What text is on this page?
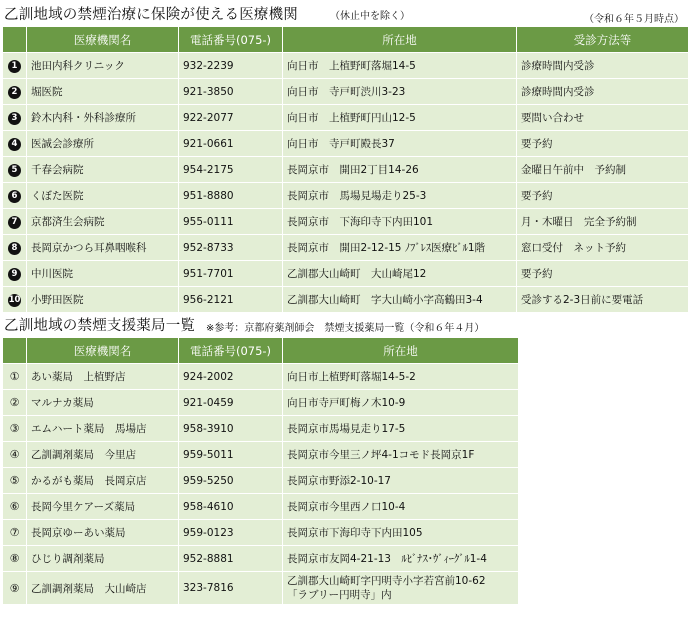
乙訓地域の禁煙治療に保険が使える医療機関	（休止中を除く）	（令和６年５月時点）
	医療機関名	電話番号(075-)	所在地	受診方法等
1	池田内科クリニック	932-2239	向日市　上植野町落堀14-5	診療時間内受診
2	堀医院	921-3850	向日市　寺戸町渋川3-23	診療時間内受診
3	鈴木内科・外科診療所	922-2077	向日市　上植野町円山12-5	要問い合わせ
4	医誠会診療所	921-0661	向日市　寺戸町殿長37	要予約
5	千春会病院	954-2175	長岡京市　開田2丁目14-26	金曜日午前中　予約制
6	くぼた医院	951-8880	長岡京市　馬場見場走り25-3	要予約
7	京都済生会病院	955-0111	長岡京市　下海印寺下内田101	月・木曜日　完全予約制
8	長岡京かつら耳鼻咽喉科	952-8733	長岡京市　開田2-12-15 ﾉﾌﾞﾚｽ医療ﾋﾞﾙ1階	窓口受付　ネット予約
9	中川医院	951-7701	乙訓郡大山崎町　大山崎尾12	要予約
10	小野田医院	956-2121	乙訓郡大山崎町　字大山崎小字高鶴田3-4	受診する2-3日前に要電話
乙訓地域の禁煙支援薬局一覧 ※参考：京都府薬剤師会　禁煙支援薬局一覧（令和６年４月）
	医療機関名	電話番号(075-)	所在地
①	あい薬局　上植野店	924-2002	向日市上植野町落堀14-5-2
②	マルナカ薬局	921-0459	向日市寺戸町梅ノ木10-9
③	エムハート薬局　馬場店	958-3910	長岡京市馬場見走り17-5
④	乙訓調剤薬局　今里店	959-5011	長岡京市今里三ノ坪4-1コモド長岡京1F
⑤	かるがも薬局　長岡京店	959-5250	長岡京市野添2-10-17
⑥	長岡今里ケアーズ薬局	958-4610	長岡京市今里西ノ口10-4
⑦	長岡京ゆーあい薬局	959-0123	長岡京市下海印寺下内田105
⑧	ひじり調剤薬局	952-8881	長岡京市友岡4-21-13　ﾙﾋﾞﾅｽ･ｳﾞｨｰｸﾞﾙ1-4
⑨	乙訓調剤薬局　大山崎店	323-7816	乙訓郡大山崎町字円明寺小字若宮前10-62
「ラブリー円明寺」内
